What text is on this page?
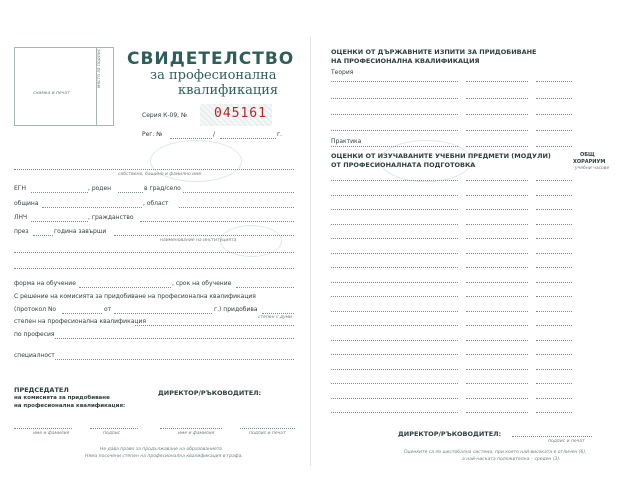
снимка и печат
място за подпис СВИДЕТЕЛСТВО
за професионална
квалификация
Серия К-09, № 045161
Рег. №	/	г.
собствено, бащино и фамилно име
ЕГН	, роден	в град/село
община	, област
ЛНЧ	, гражданство
през	година завърши
наименование на институцията
форма на обучение	, срок на обучение
С решение на комисията за придобиване на професионална квалификация
(протокол No	от	г.) придобива
степен с думи
степен на професионална квалификация
по професия
специалност
ПРЕДСЕДАТЕЛ
на комисията за придобиване
на професионална квалификация:
ДИРЕКТОР/РЪКОВОДИТЕЛ:
име и фамилия	подпис	име и фамилия	подпис и печат
Не дава право за продължаване на образованието.
Няма посочени степен на професионална квалификация в графа.
ОЦЕНКИ ОТ ДЪРЖАВНИТЕ ИЗПИТИ ЗА ПРИДОБИВАНЕ
НА ПРОФЕСИОНАЛНА КВАЛИФИКАЦИЯ
Теория
Практика
ОЦЕНКИ ОТ ИЗУЧАВАНИТЕ УЧЕБНИ ПРЕДМЕТИ (МОДУЛИ)
ОТ ПРОФЕСИОНАЛНАТА ПОДГОТОВКА
ОБЩ
ХОРАРИУМ
учебни часове
ДИРЕКТОР/РЪКОВОДИТЕЛ:
подпис и печат
Оценките са по шестобална система, при която най-високата е отличен (6),
а най-ниската положителна – среден (3).
